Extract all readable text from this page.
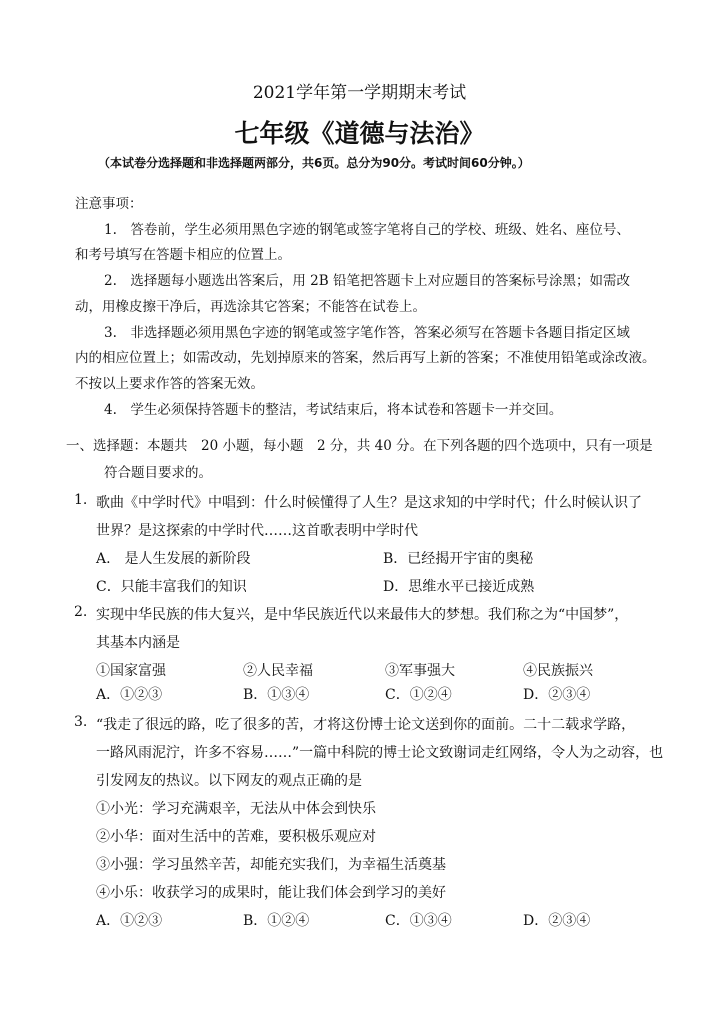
2021学年第一学期期末考试
七年级《道德与法治》
（本试卷分选择题和非选择题两部分，共6页。总分为90分。考试时间60分钟。）
注意事项：
1.　答卷前，学生必须用黑色字迹的钢笔或签字笔将自己的学校、班级、姓名、座位号、
和考号填写在答题卡相应的位置上。
2.　选择题每小题选出答案后，用 2B 铅笔把答题卡上对应题目的答案标号涂黑；如需改
动，用橡皮擦干净后，再选涂其它答案；不能答在试卷上。
3.　非选择题必须用黑色字迹的钢笔或签字笔作答，答案必须写在答题卡各题目指定区域
内的相应位置上；如需改动，先划掉原来的答案，然后再写上新的答案；不准使用铅笔或涂改液。
不按以上要求作答的答案无效。
4.　学生必须保持答题卡的整洁，考试结束后，将本试卷和答题卡一并交回。
一、选择题：本题共　20 小题，每小题　2 分，共 40 分。在下列各题的四个选项中，只有一项是
符合题目要求的。
1. 歌曲《中学时代》中唱到：什么时候懂得了人生？是这求知的中学时代；什么时候认识了
世界？是这探索的中学时代……这首歌表明中学时代
A.　是人生发展的新阶段	B．已经揭开宇宙的奥秘
C．只能丰富我们的知识	D．思维水平已接近成熟
2. 实现中华民族的伟大复兴，是中华民族近代以来最伟大的梦想。我们称之为“中国梦”，
其基本内涵是
①国家富强	②人民幸福	③军事强大	④民族振兴
A．①②③	B．①③④	C．①②④	D．②③④
3. “我走了很远的路，吃了很多的苦，才将这份博士论文送到你的面前。二十二载求学路，
一路风雨泥泞，许多不容易……”一篇中科院的博士论文致谢词走红网络，令人为之动容，也
引发网友的热议。以下网友的观点正确的是
①小光：学习充满艰辛，无法从中体会到快乐
②小华：面对生活中的苦难，要积极乐观应对
③小强：学习虽然辛苦，却能充实我们，为幸福生活奠基
④小乐：收获学习的成果时，能让我们体会到学习的美好
A．①②③	B．①②④	C．①③④	D．②③④
